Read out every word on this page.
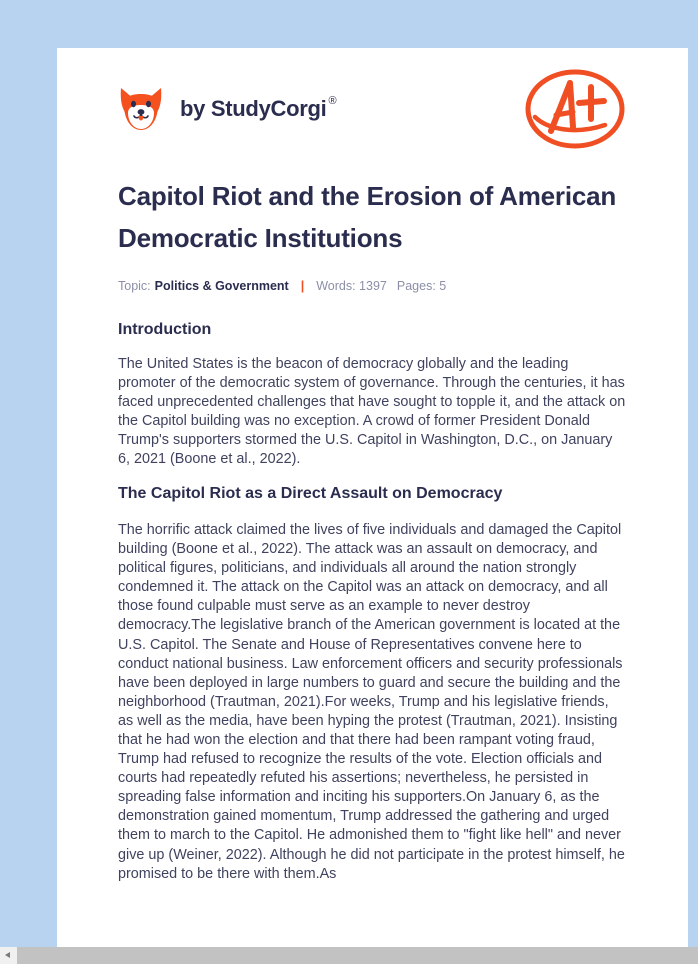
by StudyCorgi ®
Capitol Riot and the Erosion of American Democratic Institutions
Topic: Politics & Government | Words: 1397 Pages: 5
Introduction

The United States is the beacon of democracy globally and the leading promoter of the democratic system of governance. Through the centuries, it has faced unprecedented challenges that have sought to topple it, and the attack on the Capitol building was no exception. A crowd of former President Donald Trump's supporters stormed the U.S. Capitol in Washington, D.C., on January 6, 2021 (Boone et al., 2022).

The Capitol Riot as a Direct Assault on Democracy

The horrific attack claimed the lives of five individuals and damaged the Capitol building (Boone et al., 2022). The attack was an assault on democracy, and political figures, politicians, and individuals all around the nation strongly condemned it. The attack on the Capitol was an attack on democracy, and all those found culpable must serve as an example to never destroy democracy.The legislative branch of the American government is located at the U.S. Capitol. The Senate and House of Representatives convene here to conduct national business. Law enforcement officers and security professionals have been deployed in large numbers to guard and secure the building and the neighborhood (Trautman, 2021).For weeks, Trump and his legislative friends, as well as the media, have been hyping the protest (Trautman, 2021). Insisting that he had won the election and that there had been rampant voting fraud, Trump had refused to recognize the results of the vote. Election officials and courts had repeatedly refuted his assertions; nevertheless, he persisted in spreading false information and inciting his supporters.On January 6, as the demonstration gained momentum, Trump addressed the gathering and urged them to march to the Capitol. He admonished them to "fight like hell" and never give up (Weiner, 2022). Although he did not participate in the protest himself, he promised to be there with them.As
